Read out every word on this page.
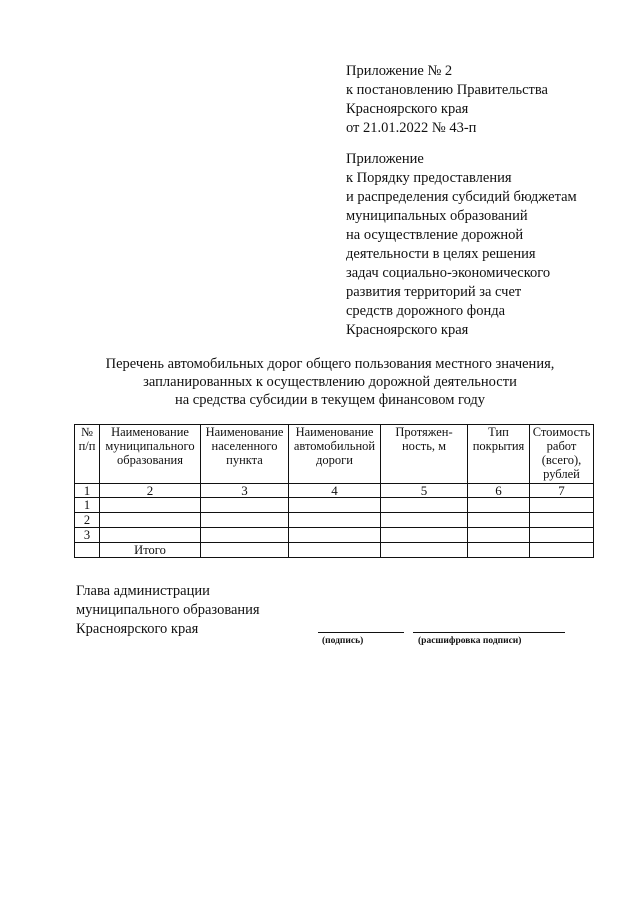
Приложение № 2
к постановлению Правительства
Красноярского края
от 21.01.2022 № 43-п
Приложение
к Порядку предоставления
и распределения субсидий бюджетам
муниципальных образований
на осуществление дорожной
деятельности в целях решения
задач социально-экономического
развития территорий за счет
средств дорожного фонда
Красноярского края
Перечень автомобильных дорог общего пользования местного значения,
запланированных к осуществлению дорожной деятельности
на средства субсидии в текущем финансовом году
№ п/п	Наименование муниципального образования	Наименование населенного пункта	Наименование автомобильной дороги	Протяжен-ность, м	Тип покрытия	Стоимость работ (всего), рублей
1	2	3	4	5	6	7
1						
2						
3						
	Итого					
Глава администрации
муниципального образования
Красноярского края
(подпись)	(расшифровка подписи)
